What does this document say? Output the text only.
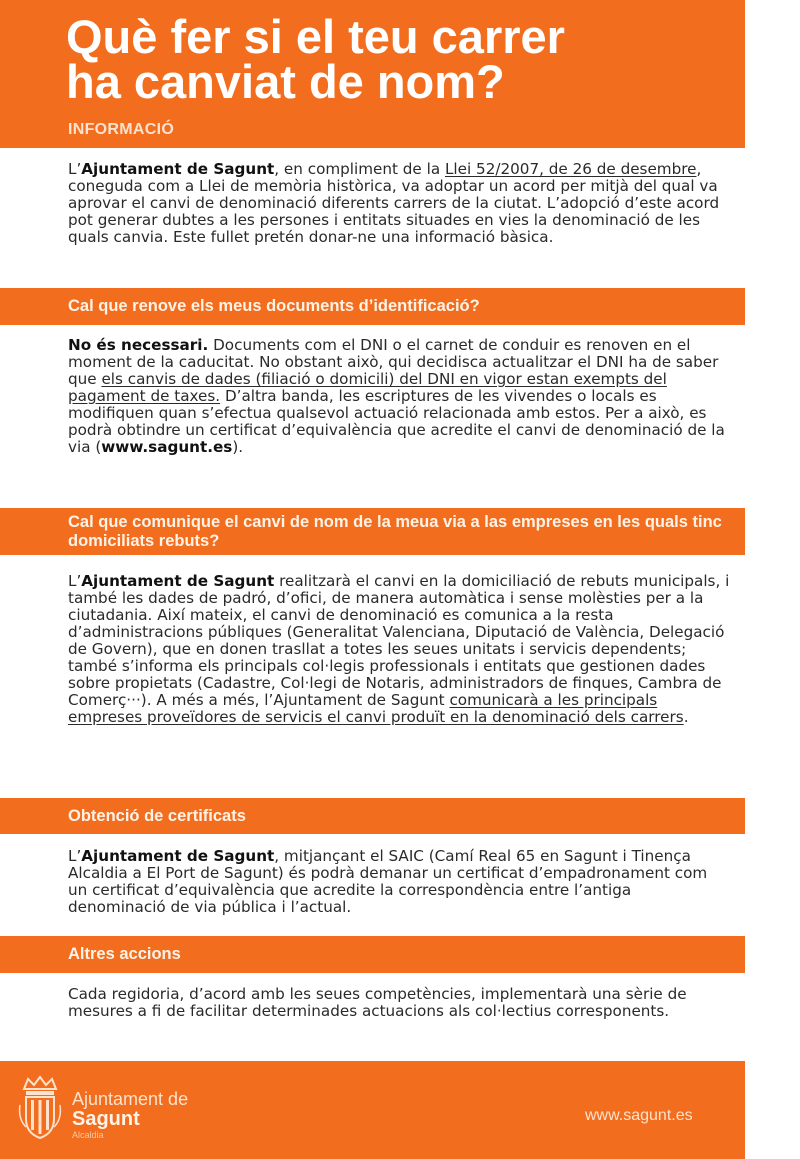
Què fer si el teu carrer
ha canviat de nom?
INFORMACIÓ

L’Ajuntament de Sagunt, en compliment de la Llei 52/2007, de 26 de desembre, coneguda com a Llei de memòria històrica, va adoptar un acord per mitjà del qual va aprovar el canvi de denominació diferents carrers de la ciutat. L’adopció d’este acord pot generar dubtes a les persones i entitats situades en vies la denominació de les quals canvia. Este fullet pretén donar-ne una informació bàsica.

Cal que renove els meus documents d’identificació?

No és necessari. Documents com el DNI o el carnet de conduir es renoven en el moment de la caducitat. No obstant això, qui decidisca actualitzar el DNI ha de saber que els canvis de dades (filiació o domicili) del DNI en vigor estan exempts del pagament de taxes. D’altra banda, les escriptures de les vivendes o locals es modifiquen quan s’efectua qualsevol actuació relacionada amb estos. Per a això, es podrà obtindre un certificat d’equivalència que acredite el canvi de denominació de la via (www.sagunt.es).

Cal que comunique el canvi de nom de la meua via a las empreses en les quals tinc domiciliats rebuts?

L’Ajuntament de Sagunt realitzarà el canvi en la domiciliació de rebuts municipals, i també les dades de padró, d’ofici, de manera automàtica i sense molèsties per a la ciutadania. Així mateix, el canvi de denominació es comunica a la resta d’administracions públiques (Generalitat Valenciana, Diputació de València, Delegació de Govern), que en donen trasllat a totes les seues unitats i servicis dependents; també s’informa els principals col·legis professionals i entitats que gestionen dades sobre propietats (Cadastre, Col·legi de Notaris, administradors de finques, Cambra de Comerç···). A més a més, l’Ajuntament de Sagunt comunicarà a les principals empreses proveïdores de servicis el canvi produït en la denominació dels carrers.

Obtenció de certificats

L’Ajuntament de Sagunt, mitjançant el SAIC (Camí Real 65 en Sagunt i Tinença Alcaldia a El Port de Sagunt) és podrà demanar un certificat d’empadronament com un certificat d’equivalència que acredite la correspondència entre l’antiga denominació de via pública i l’actual.

Altres accions

Cada regidoria, d’acord amb les seues competències, implementarà una sèrie de mesures a fi de facilitar determinades actuacions als col·lectius corresponents.

Ajuntament de
Sagunt
Alcaldia
www.sagunt.es
